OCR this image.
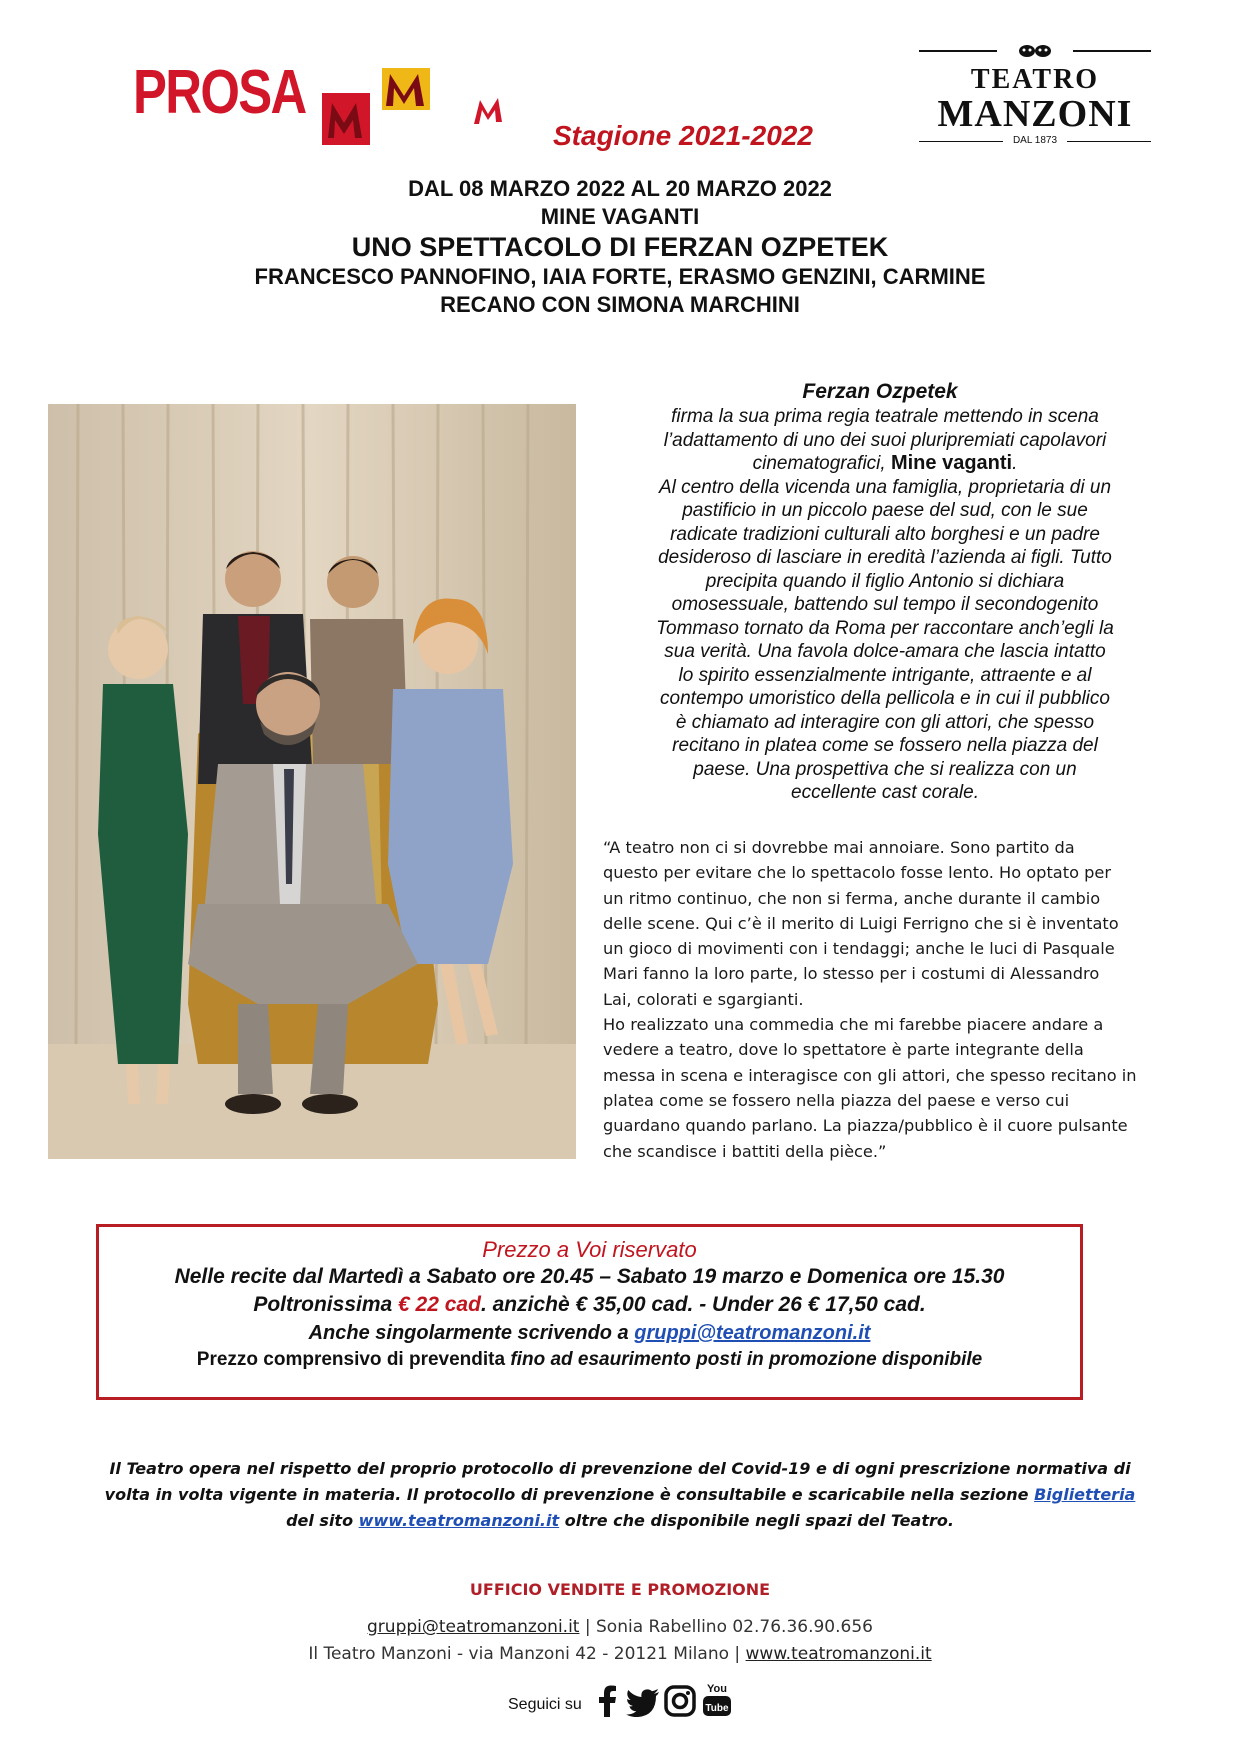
PROSA
Stagione 2021-2022
TEATRO
MANZONI
DAL 1873
DAL 08 MARZO 2022 AL 20 MARZO 2022
MINE VAGANTI
UNO SPETTACOLO DI FERZAN OZPETEK
FRANCESCO PANNOFINO, IAIA FORTE, ERASMO GENZINI, CARMINE
RECANO CON SIMONA MARCHINI
Ferzan Ozpetek
firma la sua prima regia teatrale mettendo in scena
l’adattamento di uno dei suoi pluripremiati capolavori
cinematografici, Mine vaganti.
Al centro della vicenda una famiglia, proprietaria di un
pastificio in un piccolo paese del sud, con le sue
radicate tradizioni culturali alto borghesi e un padre
desideroso di lasciare in eredità l’azienda ai figli. Tutto
precipita quando il figlio Antonio si dichiara
omosessuale, battendo sul tempo il secondogenito
Tommaso tornato da Roma per raccontare anch’egli la
sua verità. Una favola dolce-amara che lascia intatto
lo spirito essenzialmente intrigante, attraente e al
contempo umoristico della pellicola e in cui il pubblico
è chiamato ad interagire con gli attori, che spesso
recitano in platea come se fossero nella piazza del
paese. Una prospettiva che si realizza con un
eccellente cast corale.
“A teatro non ci si dovrebbe mai annoiare. Sono partito da
questo per evitare che lo spettacolo fosse lento. Ho optato per
un ritmo continuo, che non si ferma, anche durante il cambio
delle scene. Qui c’è il merito di Luigi Ferrigno che si è inventato
un gioco di movimenti con i tendaggi; anche le luci di Pasquale
Mari fanno la loro parte, lo stesso per i costumi di Alessandro
Lai, colorati e sgargianti.
Ho realizzato una commedia che mi farebbe piacere andare a
vedere a teatro, dove lo spettatore è parte integrante della
messa in scena e interagisce con gli attori, che spesso recitano in
platea come se fossero nella piazza del paese e verso cui
guardano quando parlano. La piazza/pubblico è il cuore pulsante
che scandisce i battiti della pièce.”
Prezzo a Voi riservato
Nelle recite dal Martedì a Sabato ore 20.45 – Sabato 19 marzo e Domenica ore 15.30
Poltronissima € 22 cad. anzichè € 35,00 cad. - Under 26 € 17,50 cad.
Anche singolarmente scrivendo a gruppi@teatromanzoni.it
Prezzo comprensivo di prevendita fino ad esaurimento posti in promozione disponibile
Il Teatro opera nel rispetto del proprio protocollo di prevenzione del Covid-19 e di ogni prescrizione normativa di
volta in volta vigente in materia. Il protocollo di prevenzione è consultabile e scaricabile nella sezione Biglietteria
del sito www.teatromanzoni.it oltre che disponibile negli spazi del Teatro.
UFFICIO VENDITE E PROMOZIONE
gruppi@teatromanzoni.it | Sonia Rabellino 02.76.36.90.656
Il Teatro Manzoni - via Manzoni 42 - 20121 Milano | www.teatromanzoni.it
Seguici su
You
Tube
